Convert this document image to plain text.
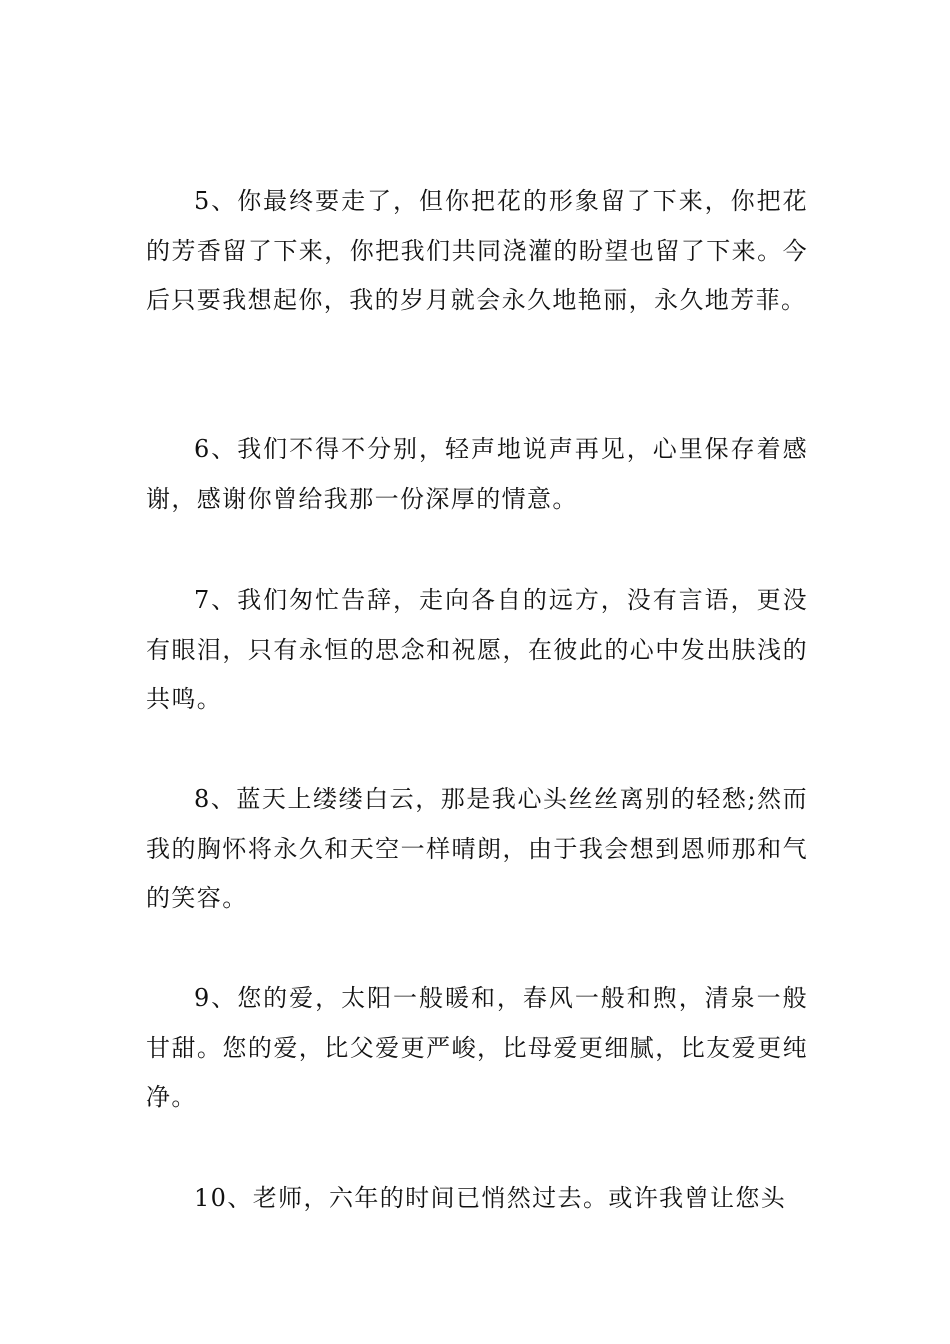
5、你最终要走了，但你把花的形象留了下来，你把花的芳香留了下来，你把我们共同浇灌的盼望也留了下来。今后只要我想起你，我的岁月就会永久地艳丽，永久地芳菲。

6、我们不得不分别，轻声地说声再见，心里保存着感谢，感谢你曾给我那一份深厚的情意。

7、我们匆忙告辞，走向各自的远方，没有言语，更没有眼泪，只有永恒的思念和祝愿，在彼此的心中发出肤浅的共鸣。

8、蓝天上缕缕白云，那是我心头丝丝离别的轻愁;然而我的胸怀将永久和天空一样晴朗，由于我会想到恩师那和气的笑容。

9、您的爱，太阳一般暖和，春风一般和煦，清泉一般甘甜。您的爱，比父爱更严峻，比母爱更细腻，比友爱更纯净。

10、老师，六年的时间已悄然过去。或许我曾让您头
